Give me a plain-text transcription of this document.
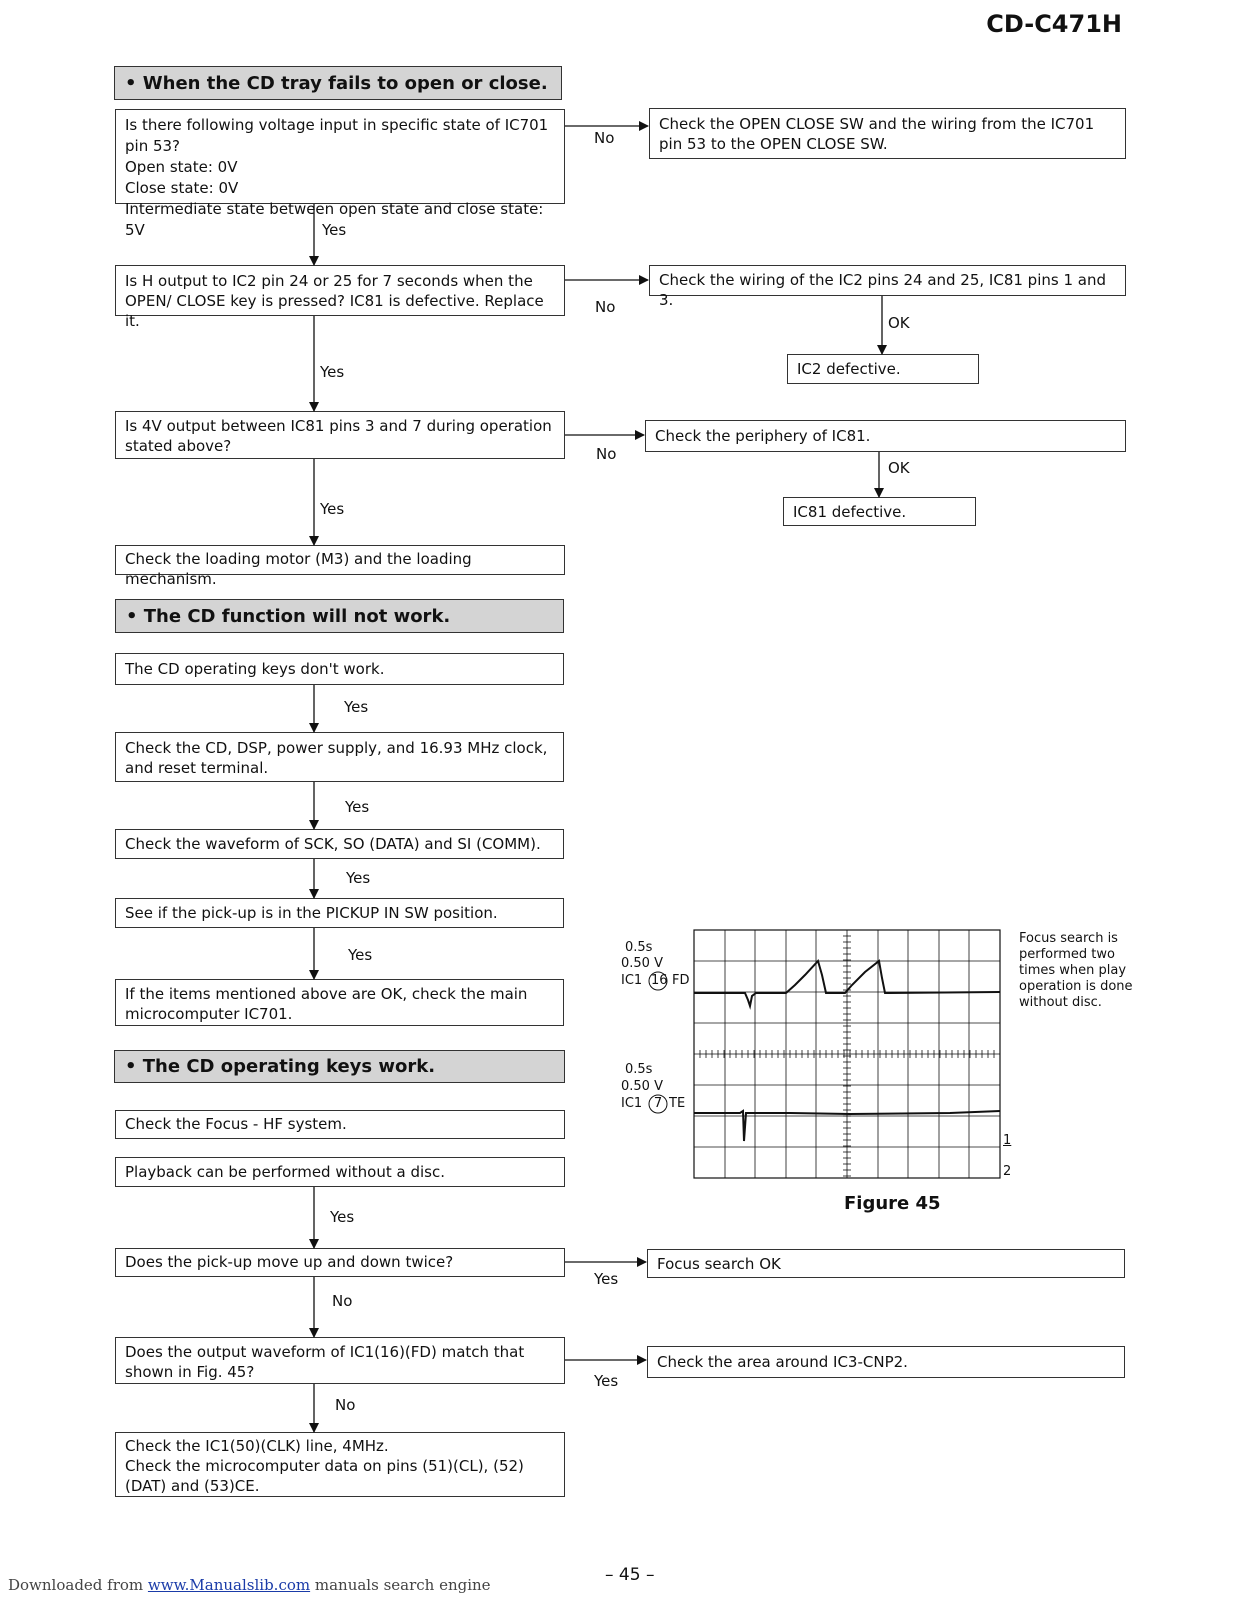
CD-C471H
• When the CD tray fails to open or close.
Is there following voltage input in specific state of IC701 pin 53?
Open state: 0V
Close state: 0V
Intermediate state between open state and close state: 5V
Check the OPEN CLOSE SW and the wiring from the IC701 pin 53 to the OPEN CLOSE SW.
Is H output to IC2 pin 24 or 25 for 7 seconds when the OPEN/ CLOSE key is pressed? IC81 is defective. Replace it.
Check the wiring of the IC2 pins 24 and 25, IC81 pins 1 and 3.
IC2 defective.
Is 4V output between IC81 pins 3 and 7 during operation stated above?
Check the periphery of IC81.
IC81 defective.
Check the loading motor (M3) and the loading mechanism.
• The CD function will not work.
The CD operating keys don't work.
Check the CD, DSP, power supply, and 16.93 MHz clock, and reset terminal.
Check the waveform of SCK, SO (DATA) and SI (COMM).
See if the pick-up is in the PICKUP IN SW position.
If the items mentioned above are OK, check the main microcomputer IC701.
• The CD operating keys work.
Check the Focus - HF system.
Playback can be performed without a disc.
Does the pick-up move up and down twice?	Focus search OK
Does the output waveform of IC1(16)(FD) match that shown in Fig. 45?
Check the area around IC3-CNP2.
Check the IC1(50)(CLK) line, 4MHz.
Check the microcomputer data on pins (51)(CL), (52)(DAT) and (53)CE.
No
Yes
No
OK
Yes
No
OK
Yes
Yes
Yes
Yes
Yes
Yes
Yes
No
Yes
No
0.5s
0.50 V
IC1 16 FD
0.5s
0.50 V
IC1 7 TE
1
2
Focus search is performed two times when play operation is done without disc.
Figure 45
Downloaded from www.Manualslib.com manuals search engine	– 45 –
